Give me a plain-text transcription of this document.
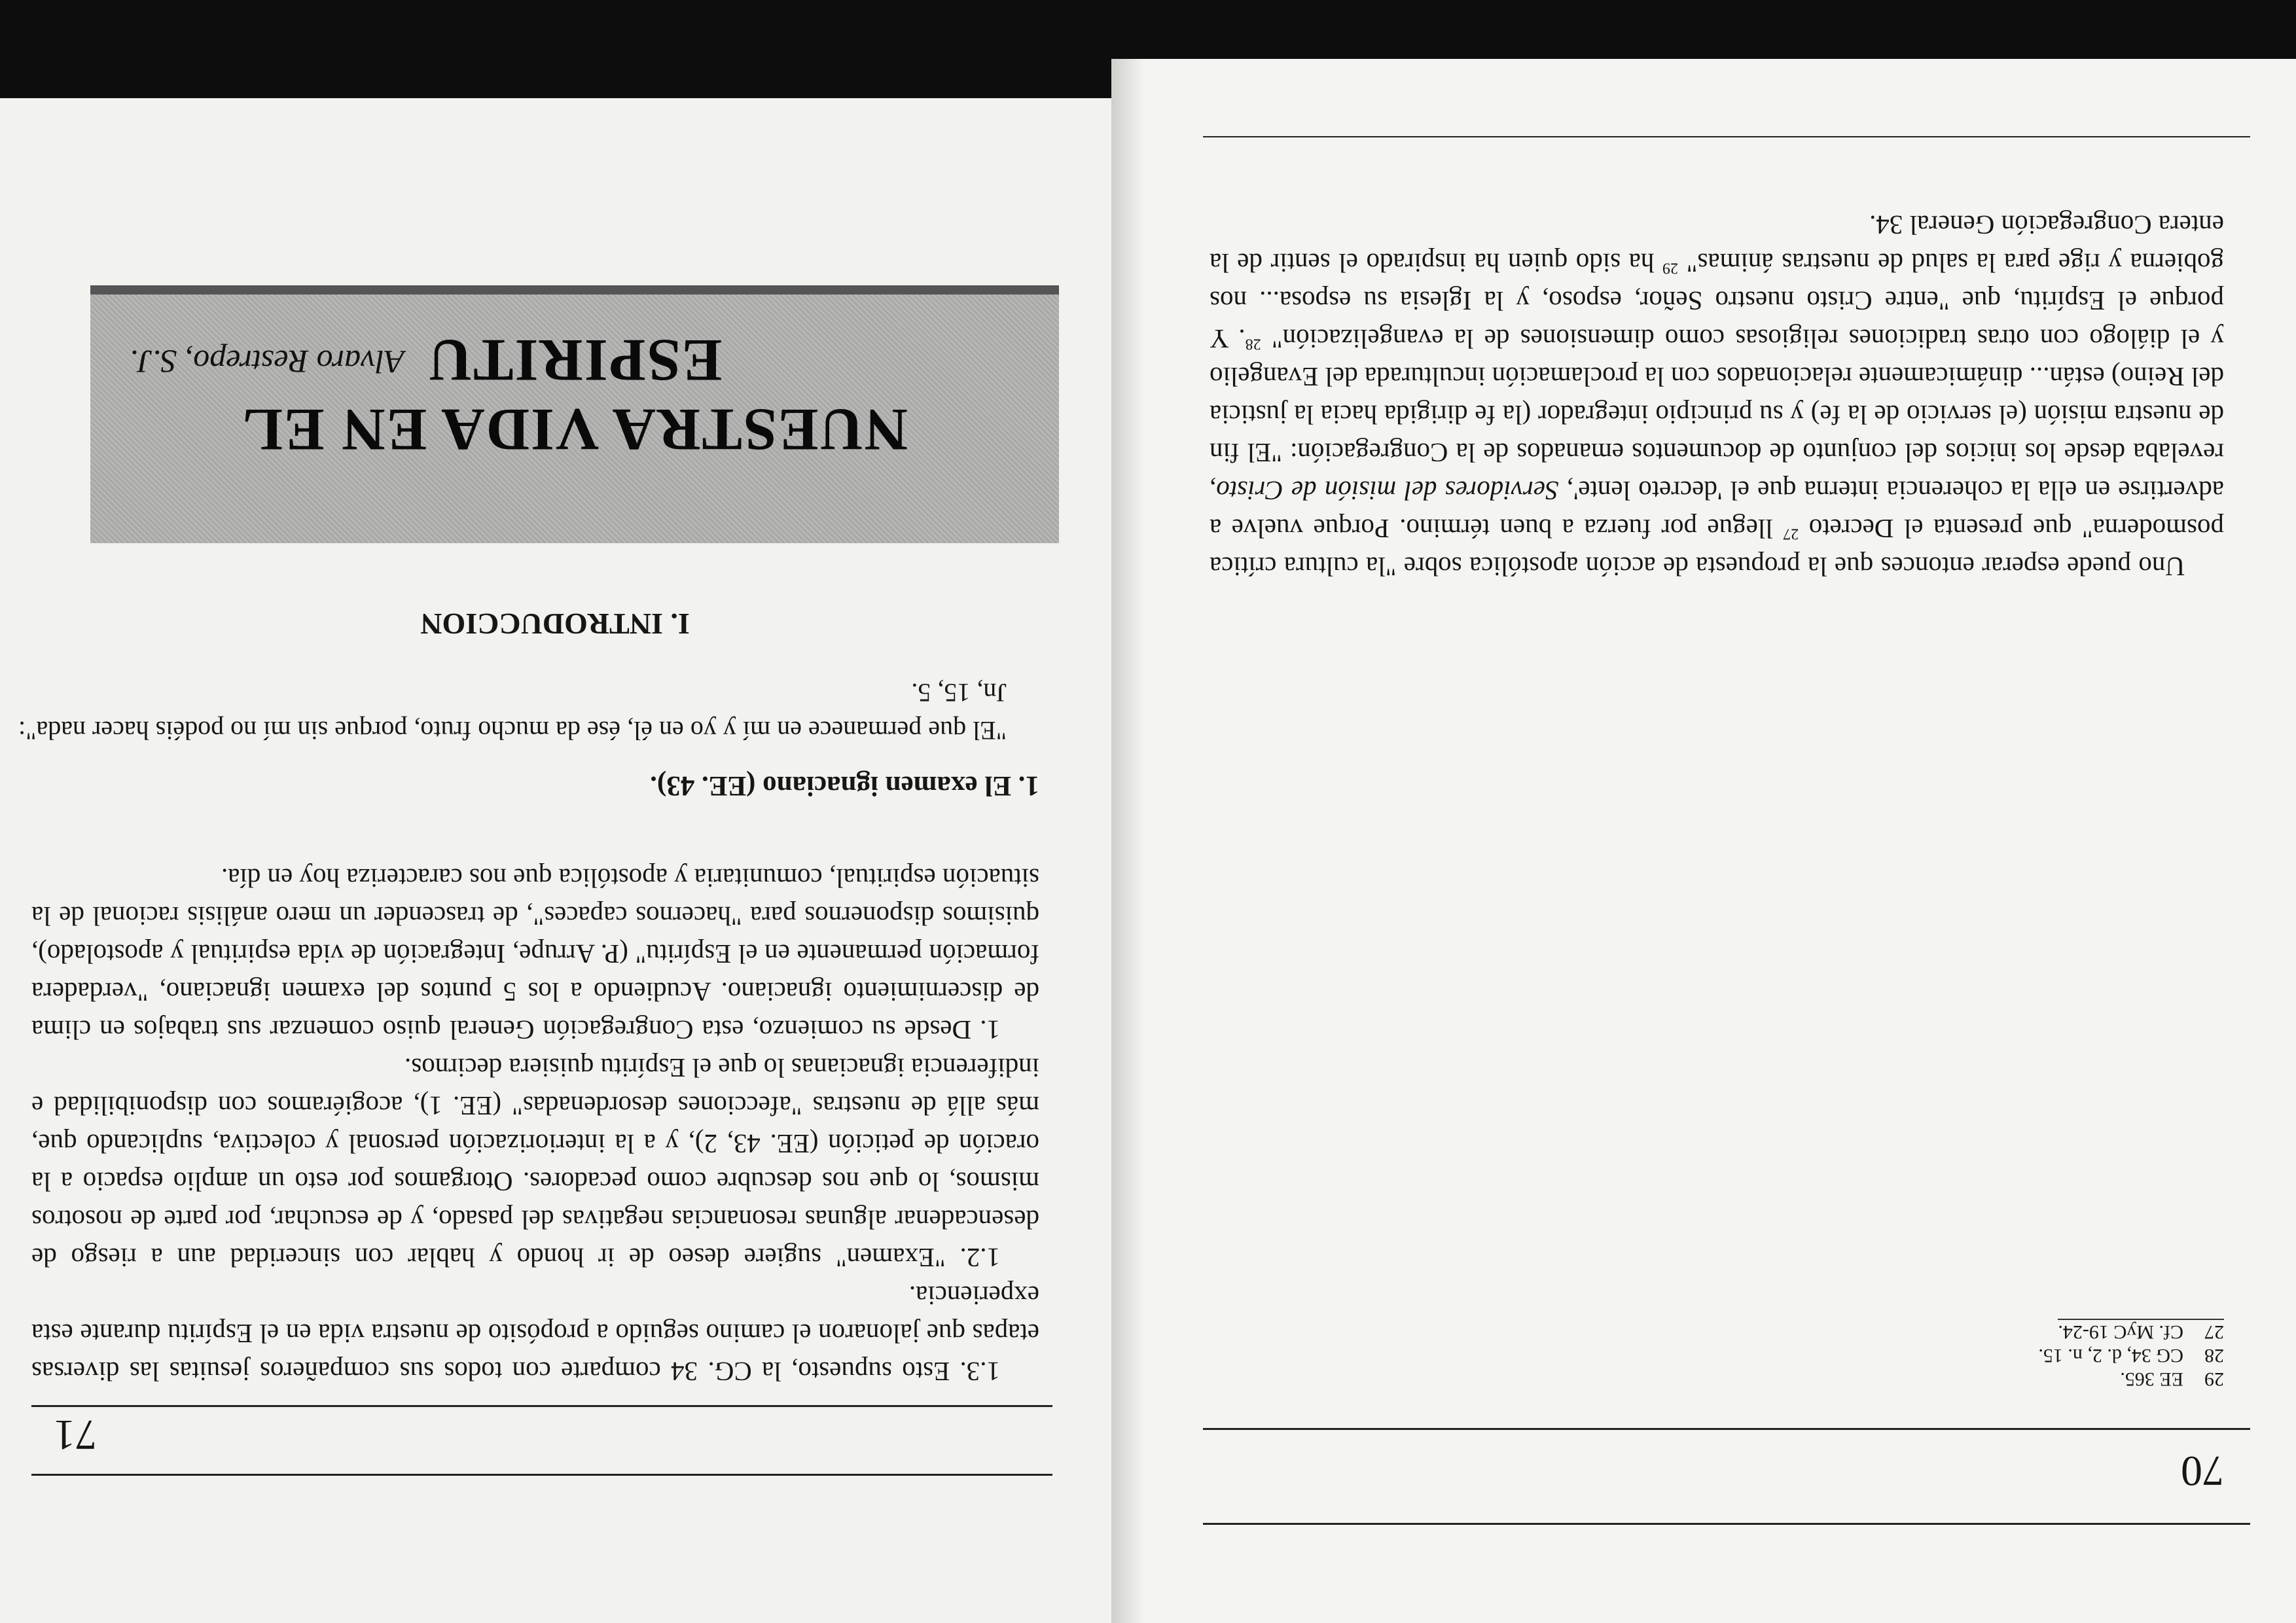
70
29EE 365.
28CG 34, d. 2, n. 15.
27Cf. MyC 19-24.

Uno puede esperar entonces que la propuesta de acción apostólica sobre "la cultura crítica posmoderna" que presenta el Decreto $^{27}$ llegue por fuerza a buen término. Porque vuelve a advertirse en ella la coherencia interna que el 'decreto lente', Servidores del misión de Cristo, revelaba desde los inicios del conjunto de documentos emanados de la Congregación: "El fin de nuestra misión (el servicio de la fe) y su principio integrador (la fe dirigida hacia la justicia del Reino) están... dinámicamente relacionados con la proclamación inculturada del Evangelio y el diálogo con otras tradiciones religiosas como dimensiones de la evangelización" $^{28}$. Y porque el Espíritu, que "entre Cristo nuestro Señor, esposo, y la Iglesia su esposa... nos gobierna y rige para la salud de nuestras ánimas" $^{29}$ ha sido quien ha inspirado el sentir de la entera Congregación General 34.

71

1.3. Esto supuesto, la CG. 34 comparte con todos sus compañeros jesuitas las diversas etapas que jalonaron el camino seguido a propósito de nuestra vida en el Espíritu durante esta experiencia.

1.2. "Examen" sugiere deseo de ir hondo y hablar con sinceridad aun a riesgo de desencadenar algunas resonancias negativas del pasado, y de escuchar, por parte de nosotros mismos, lo que nos descubre como pecadores. Otorgamos por esto un amplio espacio a la oración de petición (EE. 43, 2), y a la interiorización personal y colectiva, suplicando que, más allá de nuestras "afecciones desordenadas" (EE. 1), acogiéramos con disponibilidad e indiferencia ignacianas lo que el Espíritu quisiera decirnos.

1. Desde su comienzo, esta Congregación General quiso comenzar sus trabajos en clima de discernimiento ignaciano. Acudiendo a los 5 puntos del examen ignaciano, "verdadera formación permanente en el Espíritu" (P. Arrupe, Integración de vida espiritual y apostolado), quisimos disponernos para "hacernos capaces", de trascender un mero análisis racional de la situación espiritual, comunitaria y apostólica que nos caracteriza hoy en día.

1. El examen ignaciano (EE. 43).

"El que permanece en mí y yo en él, ése da mucho fruto, porque sin mí no podéis hacer nada": Jn, 15, 5.

I. INTRODUCCION
NUESTRA VIDA EN EL ESPIRITU
Alvaro Restrepo, S.J.
